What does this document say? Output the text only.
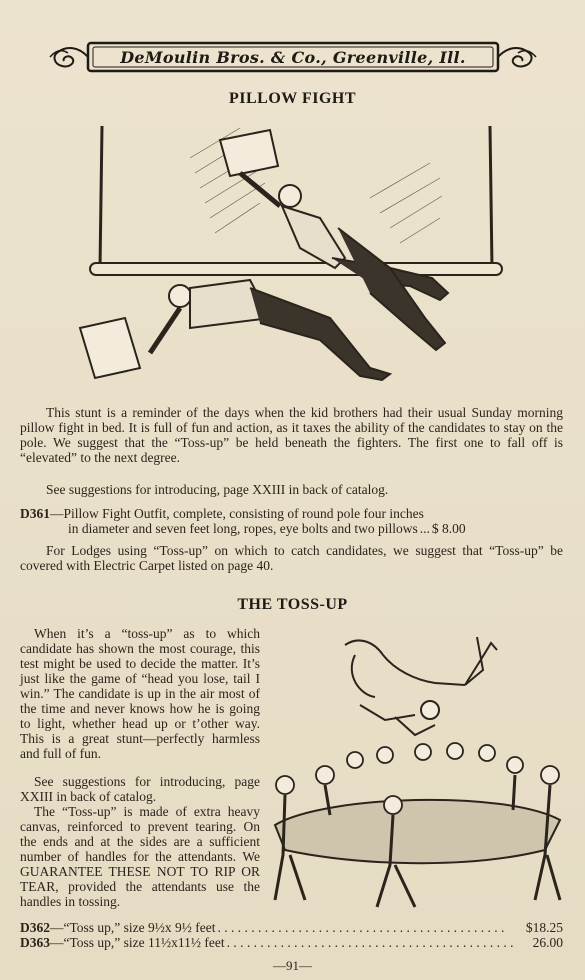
DeMoulin Bros. & Co., Greenville, Ill.
PILLOW FIGHT
This stunt is a reminder of the days when the kid brothers had their usual Sunday morning pillow fight in bed. It is full of fun and action, as it taxes the ability of the candidates to stay on the pole. We suggest that the “Toss-up” be held beneath the fighters. The first one to fall off is “elevated” to the next degree.
See suggestions for introducing, page XXIII in back of catalog.
D361—Pillow Fight Outfit, complete, consisting of round pole four inches
in diameter and seven feet long, ropes, eye bolts and two pillows ... $ 8.00
For Lodges using “Toss-up” on which to catch candidates, we suggest that “Toss-up” be covered with Electric Carpet listed on page 40.
THE TOSS-UP
When it’s a “toss-up” as to which candidate has shown the most courage, this test might be used to decide the matter. It’s just like the game of “head you lose, tail I win.” The candidate is up in the air most of the time and never knows how he is going to light, whether head up or t’other way. This is a great stunt—perfectly harmless and full of fun.
See suggestions for introducing, page XXIII in back of catalog.
The “Toss-up” is made of extra heavy canvas, reinforced to prevent tearing. On the ends and at the sides are a sufficient number of handles for the attendants. We GUARANTEE THESE NOT TO RIP OR TEAR, provided the attendants use the handles in tossing.
D362 —“Toss up,” size 9½x 9½ feet . . . . . . . . . . . . . . . . . . . . . . . . . . . . . . . . . . . . . . . . . . .	$18.25
D363 —“Toss up,” size 11½x11½ feet . . . . . . . . . . . . . . . . . . . . . . . . . . . . . . . . . . . . . . . . . . .	26.00
—91—
